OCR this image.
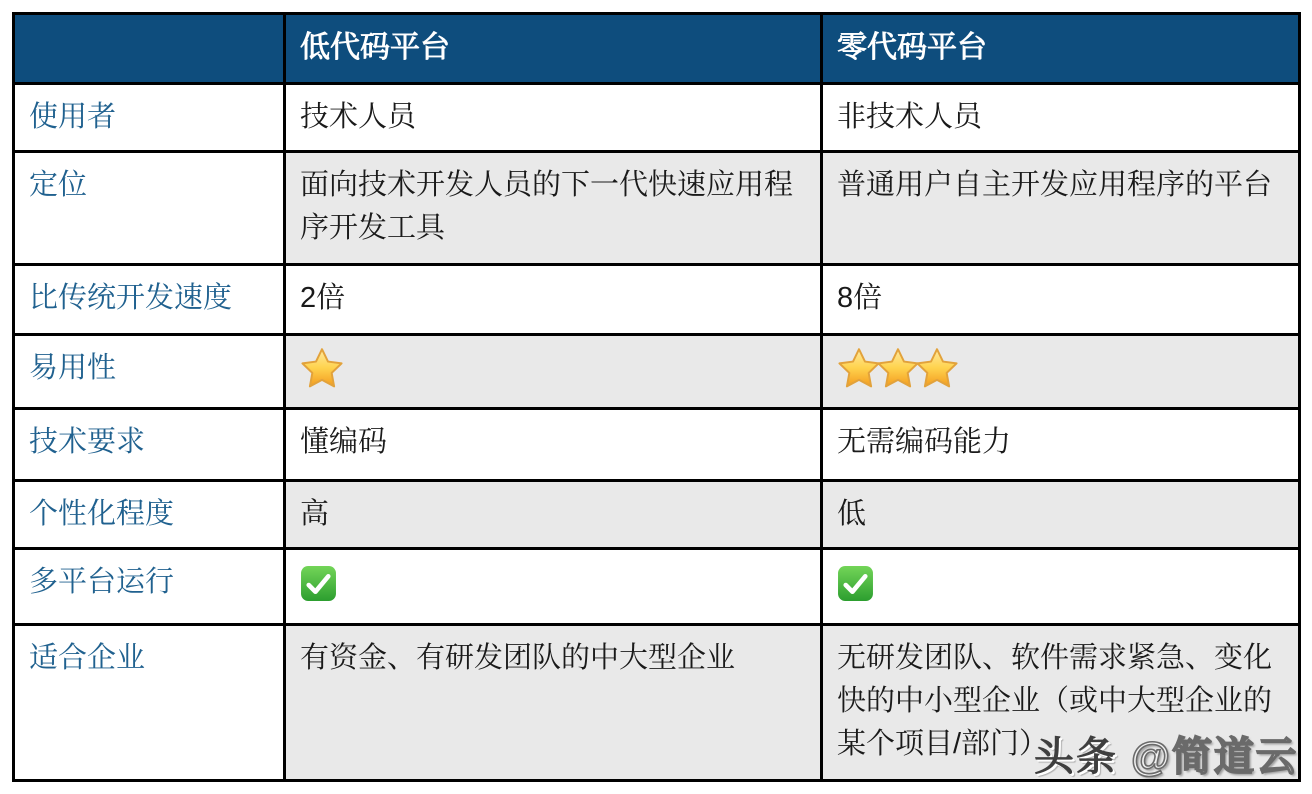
	低代码平台	零代码平台
使用者	技术人员	非技术人员
定位	面向技术开发人员的下一代快速应用程序开发工具	普通用户自主开发应用程序的平台
比传统开发速度	2倍	8倍
易用性		
技术要求	懂编码	无需编码能力
个性化程度	高	低
多平台运行		
适合企业	有资金、有研发团队的中大型企业	无研发团队、软件需求紧急、变化快的中小型企业（或中大型企业的某个项目/部门）
头条 @简道云
